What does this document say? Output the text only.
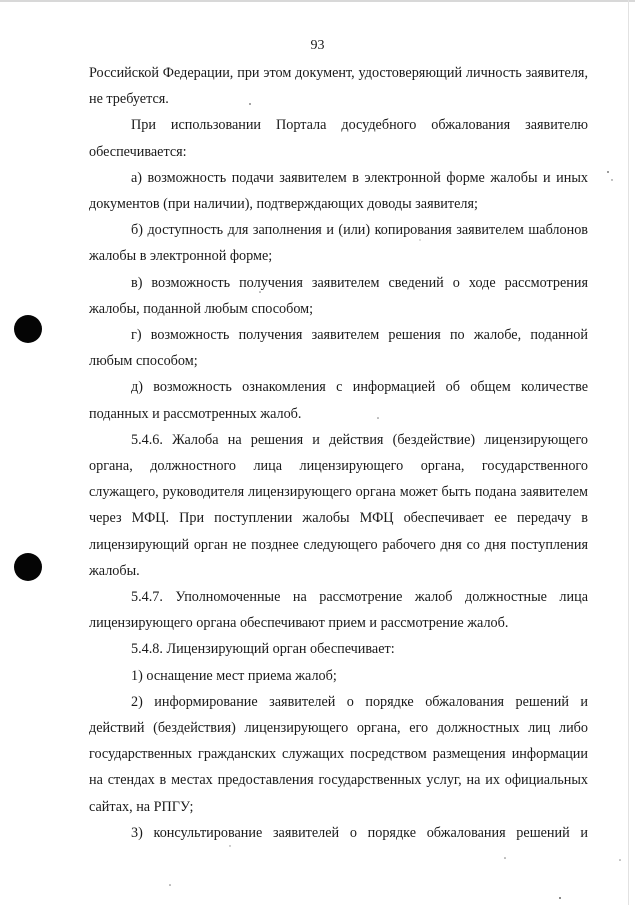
93

Российской Федерации, при этом документ, удостоверяющий личность заявителя, не требуется.

При использовании Портала досудебного обжалования заявителю обеспечивается:

а) возможность подачи заявителем в электронной форме жалобы и иных документов (при наличии), подтверждающих доводы заявителя;

б) доступность для заполнения и (или) копирования заявителем шаблонов жалобы в электронной форме;

в) возможность получения заявителем сведений о ходе рассмотрения жалобы, поданной любым способом;

г) возможность получения заявителем решения по жалобе, поданной любым способом;

д) возможность ознакомления с информацией об общем количестве поданных и рассмотренных жалоб.

5.4.6. Жалоба на решения и действия (бездействие) лицензирующего органа, должностного лица лицензирующего органа, государственного служащего, руководителя лицензирующего органа может быть подана заявителем через МФЦ. При поступлении жалобы МФЦ обеспечивает ее передачу в лицензирующий орган не позднее следующего рабочего дня со дня поступления жалобы.

5.4.7. Уполномоченные на рассмотрение жалоб должностные лица лицензирующего органа обеспечивают прием и рассмотрение жалоб.

5.4.8. Лицензирующий орган обеспечивает:

1) оснащение мест приема жалоб;

2) информирование заявителей о порядке обжалования решений и действий (бездействия) лицензирующего органа, его должностных лиц либо государственных гражданских служащих посредством размещения информации на стендах в местах предоставления государственных услуг, на их официальных сайтах, на РПГУ;

3) консультирование заявителей о порядке обжалования решений и
